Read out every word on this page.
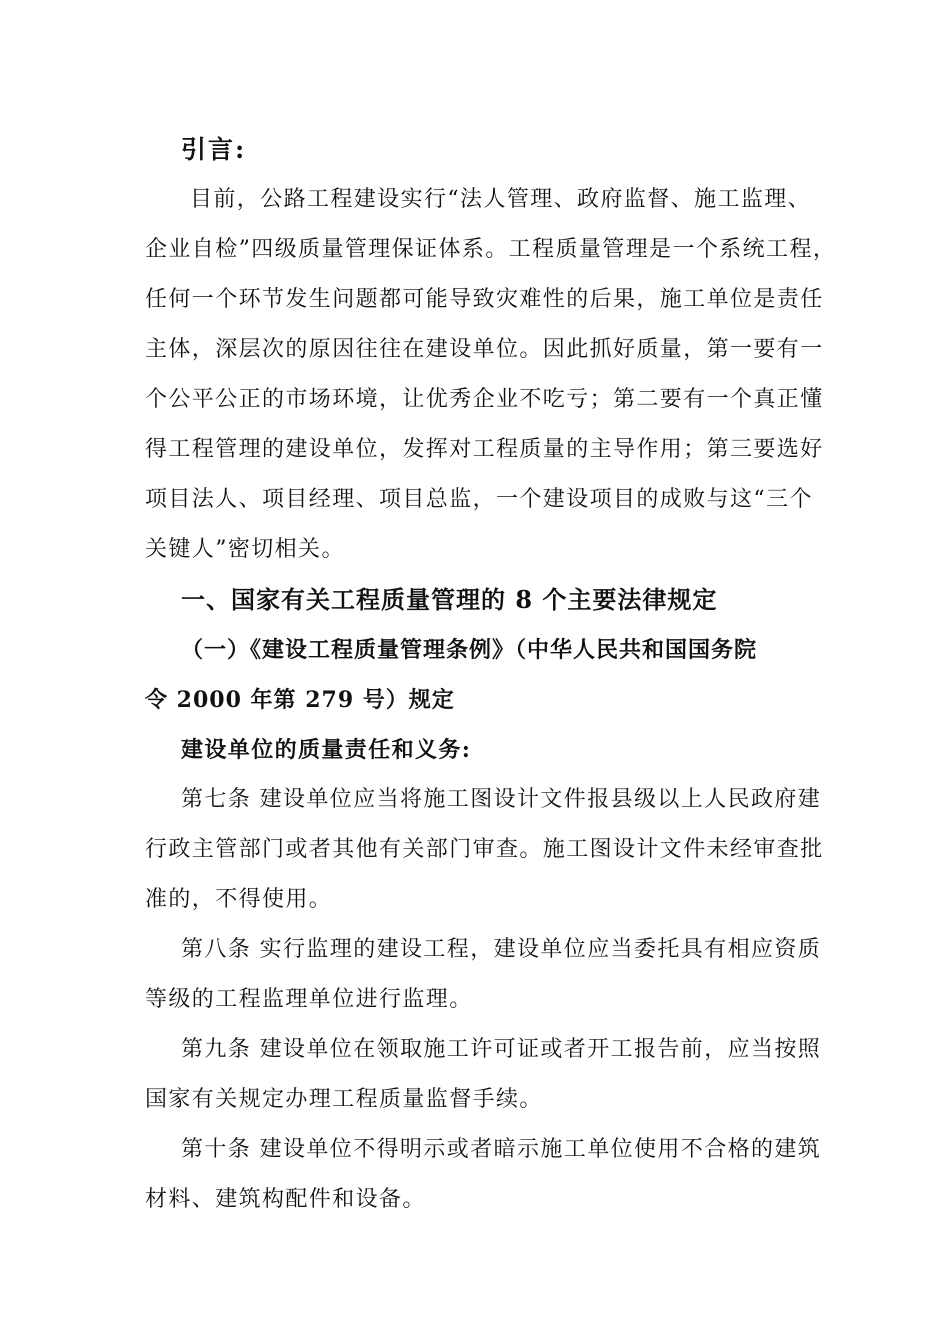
引言:
目前，公路工程建设实行“法人管理、政府监督、施工监理、
企业自检”四级质量管理保证体系。工程质量管理是一个系统工程，
任何一个环节发生问题都可能导致灾难性的后果，施工单位是责任
主体，深层次的原因往往在建设单位。因此抓好质量，第一要有一
个公平公正的市场环境，让优秀企业不吃亏；第二要有一个真正懂
得工程管理的建设单位，发挥对工程质量的主导作用；第三要选好
项目法人、项目经理、项目总监，一个建设项目的成败与这“三个
关键人”密切相关。
一、国家有关工程质量管理的 8 个主要法律规定
（一）《建设工程质量管理条例》（中华人民共和国国务院
令 2000 年第 279 号）规定
建设单位的质量责任和义务:
第七条 建设单位应当将施工图设计文件报县级以上人民政府建
行政主管部门或者其他有关部门审查。施工图设计文件未经审查批
准的，不得使用。
第八条 实行监理的建设工程，建设单位应当委托具有相应资质
等级的工程监理单位进行监理。
第九条 建设单位在领取施工许可证或者开工报告前，应当按照
国家有关规定办理工程质量监督手续。
第十条 建设单位不得明示或者暗示施工单位使用不合格的建筑
材料、建筑构配件和设备。
